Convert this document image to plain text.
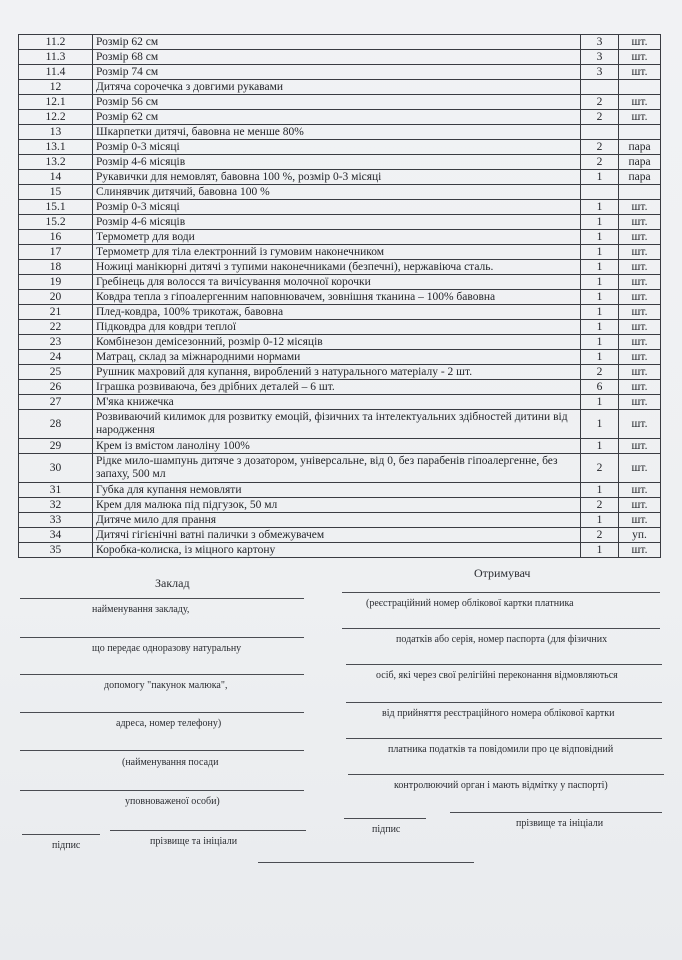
11.2	Розмір 62 см	3	шт.
11.3	Розмір 68 см	3	шт.
11.4	Розмір 74 см	3	шт.
12	Дитяча сорочечка з довгими рукавами		
12.1	Розмір 56 см	2	шт.
12.2	Розмір 62 см	2	шт.
13	Шкарпетки дитячі, бавовна не менше 80%		
13.1	Розмір 0-3 місяці	2	пара
13.2	Розмір 4-6 місяців	2	пара
14	Рукавички для немовлят, бавовна 100 %, розмір 0-3 місяці	1	пара
15	Слинявчик дитячий, бавовна 100 %		
15.1	Розмір 0-3 місяці	1	шт.
15.2	Розмір 4-6 місяців	1	шт.
16	Термометр для води	1	шт.
17	Термометр для тіла електронний із гумовим наконечником	1	шт.
18	Ножиці манікюрні дитячі з тупими наконечниками (безпечні), нержавіюча сталь.	1	шт.
19	Гребінець для волосся та вичісування молочної корочки	1	шт.
20	Ковдра тепла з гіпоалергенним наповнювачем, зовнішня тканина – 100% бавовна	1	шт.
21	Плед-ковдра, 100% трикотаж, бавовна	1	шт.
22	Підковдра для ковдри теплої	1	шт.
23	Комбінезон демісезонний, розмір 0-12 місяців	1	шт.
24	Матрац, склад за міжнародними нормами	1	шт.
25	Рушник махровий для купання, вироблений з натурального матеріалу - 2 шт.	2	шт.
26	Іграшка розвиваюча, без дрібних деталей – 6 шт.	6	шт.
27	М'яка книжечка	1	шт.
28	Розвиваючий килимок для розвитку емоцій, фізичних та інтелектуальних здібностей дитини від народження	1	шт.
29	Крем із вмістом ланоліну 100%	1	шт.
30	Рідке мило-шампунь дитяче з дозатором, універсальне, від 0, без парабенів гіпоалергенне, без запаху, 500 мл	2	шт.
31	Губка для купання немовляти	1	шт.
32	Крем для малюка під підгузок, 50 мл	2	шт.
33	Дитяче мило для прання	1	шт.
34	Дитячі гігієнічні ватні палички з обмежувачем	2	уп.
35	Коробка-колиска, із міцного картону	1	шт.
Заклад
найменування закладу,
що передає одноразову натуральну
допомогу "пакунок малюка",
адреса, номер телефону)
(найменування посади
уповноваженої особи)
підпис	прізвище та ініціали
Отримувач
(реєстраційний номер облікової картки платника
податків або серія, номер паспорта (для фізичних
осіб, які через свої релігійні переконання відмовляються
від прийняття реєстраційного номера облікової картки
платника податків та повідомили про це відповідний
контролюючий орган і мають відмітку у паспорті)
підпис
прізвище та ініціали
